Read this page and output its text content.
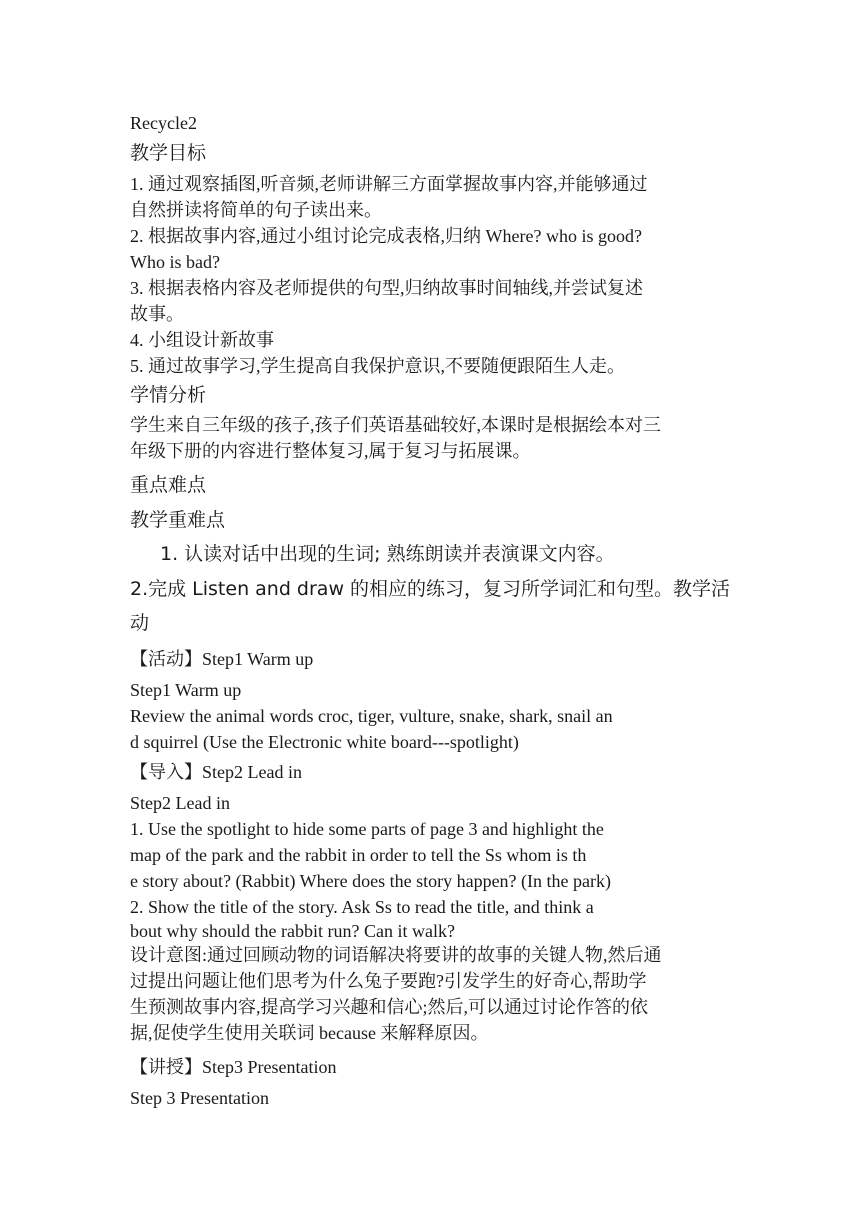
Recycle2
教学目标
1. 通过观察插图,听音频,老师讲解三方面掌握故事内容,并能够通过
自然拼读将简单的句子读出来。
2. 根据故事内容,通过小组讨论完成表格,归纳 Where? who is good?
Who is bad?
3. 根据表格内容及老师提供的句型,归纳故事时间轴线,并尝试复述
故事。
4. 小组设计新故事
5. 通过故事学习,学生提高自我保护意识,不要随便跟陌生人走。
学情分析
学生来自三年级的孩子,孩子们英语基础较好,本课时是根据绘本对三
年级下册的内容进行整体复习,属于复习与拓展课。
重点难点
教学重难点
1. 认读对话中出现的生词; 熟练朗读并表演课文内容。
2.完成 Listen and draw 的相应的练习，复习所学词汇和句型。教学活
动
【活动】Step1 Warm up
Step1 Warm up
Review the animal words croc, tiger, vulture, snake, shark, snail an
d squirrel (Use the Electronic white board---spotlight)
【导入】Step2 Lead in
Step2 Lead in
1. Use the spotlight to hide some parts of page 3 and highlight the
map of the park and the rabbit in order to tell the Ss whom is th
e story about? (Rabbit) Where does the story happen? (In the park)
2. Show the title of the story. Ask Ss to read the title, and think a
bout why should the rabbit run? Can it walk?
设计意图:通过回顾动物的词语解决将要讲的故事的关键人物,然后通
过提出问题让他们思考为什么兔子要跑?引发学生的好奇心,帮助学
生预测故事内容,提高学习兴趣和信心;然后,可以通过讨论作答的依
据,促使学生使用关联词 because 来解释原因。
【讲授】Step3 Presentation
Step 3 Presentation
